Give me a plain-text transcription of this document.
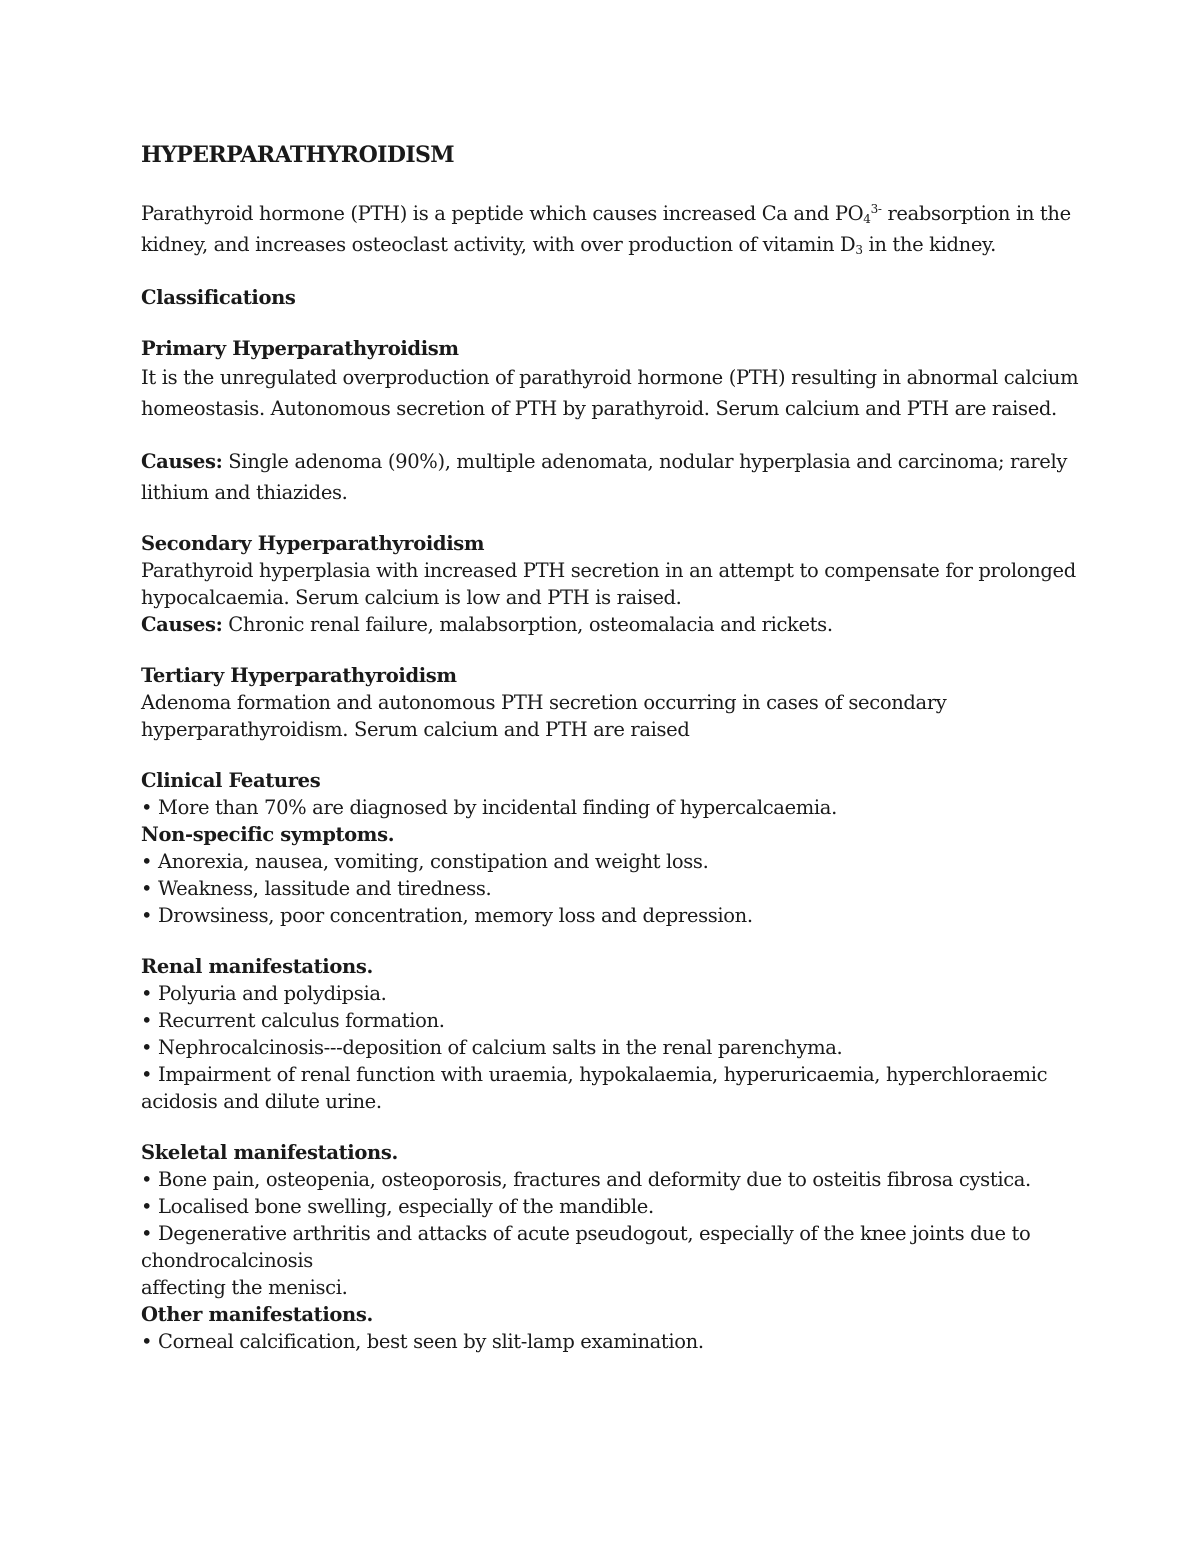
HYPERPARATHYROIDISM

Parathyroid hormone (PTH) is a peptide which causes increased Ca and $PO_4^{3-}$ reabsorption in the kidney, and increases osteoclast activity, with over production of vitamin $D_3$ in the kidney.

Classifications

Primary Hyperparathyroidism

It is the unregulated overproduction of parathyroid hormone (PTH) resulting in abnormal calcium homeostasis. Autonomous secretion of PTH by parathyroid. Serum calcium and PTH are raised.

Causes: Single adenoma (90%), multiple adenomata, nodular hyperplasia and carcinoma; rarely lithium and thiazides.

Secondary Hyperparathyroidism

Parathyroid hyperplasia with increased PTH secretion in an attempt to compensate for prolonged hypocalcaemia. Serum calcium is low and PTH is raised.

Causes: Chronic renal failure, malabsorption, osteomalacia and rickets.

Tertiary Hyperparathyroidism

Adenoma formation and autonomous PTH secretion occurring in cases of secondary hyperparathyroidism. Serum calcium and PTH are raised

Clinical Features

• More than 70% are diagnosed by incidental finding of hypercalcaemia.

Non-specific symptoms.

• Anorexia, nausea, vomiting, constipation and weight loss.

• Weakness, lassitude and tiredness.

• Drowsiness, poor concentration, memory loss and depression.

Renal manifestations.

• Polyuria and polydipsia.

• Recurrent calculus formation.

• Nephrocalcinosis---deposition of calcium salts in the renal parenchyma.

• Impairment of renal function with uraemia, hypokalaemia, hyperuricaemia, hyperchloraemic acidosis and dilute urine.

Skeletal manifestations.

• Bone pain, osteopenia, osteoporosis, fractures and deformity due to osteitis fibrosa cystica.

• Localised bone swelling, especially of the mandible.

• Degenerative arthritis and attacks of acute pseudogout, especially of the knee joints due to chondrocalcinosis

affecting the menisci.

Other manifestations.

• Corneal calcification, best seen by slit-lamp examination.
